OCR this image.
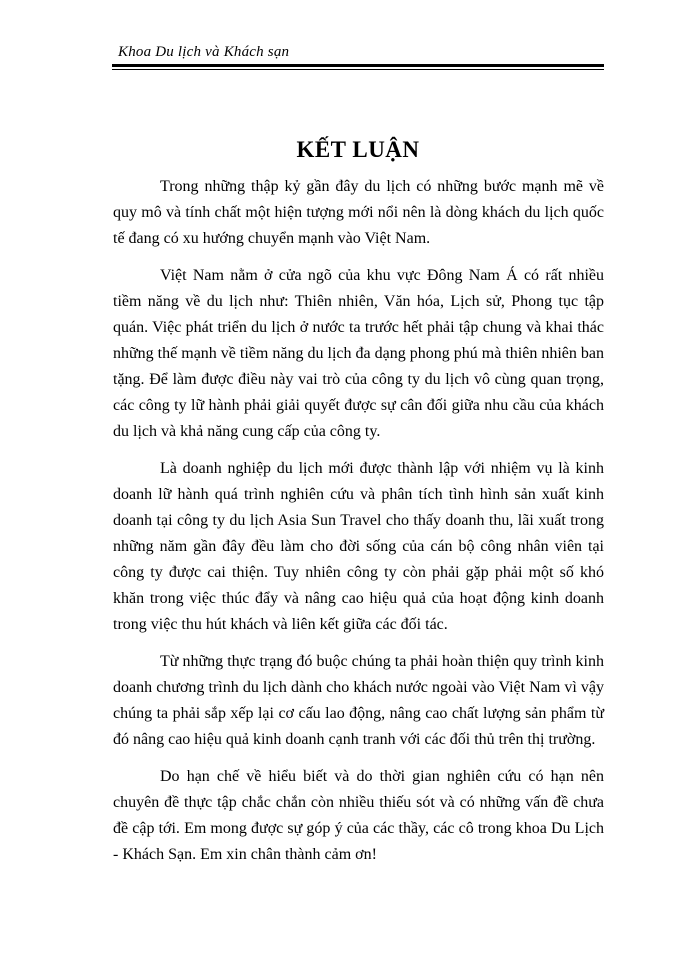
Khoa Du lịch và Khách sạn
KẾT LUẬN

Trong những thập kỷ gần đây du lịch có những bước mạnh mẽ về quy mô và tính chất một hiện tượng mới nổi nên là dòng khách du lịch quốc tế đang có xu hướng chuyển mạnh vào Việt Nam.

Việt Nam nằm ở cửa ngõ của khu vực Đông Nam Á có rất nhiều tiềm năng về du lịch như: Thiên nhiên, Văn hóa, Lịch sử, Phong tục tập quán. Việc phát triển du lịch ở nước ta trước hết phải tập chung và khai thác những thế mạnh về tiềm năng du lịch đa dạng phong phú mà thiên nhiên ban tặng. Để làm được điều này vai trò của công ty du lịch vô cùng quan trọng, các công ty lữ hành phải giải quyết được sự cân đối giữa nhu cầu của khách du lịch và khả năng cung cấp của công ty.

Là doanh nghiệp du lịch mới được thành lập với nhiệm vụ là kinh doanh lữ hành quá trình nghiên cứu và phân tích tình hình sản xuất kinh doanh tại công ty du lịch Asia Sun Travel cho thấy doanh thu, lãi xuất trong những năm gần đây đều làm cho đời sống của cán bộ công nhân viên tại công ty được cai thiện. Tuy nhiên công ty còn phải gặp phải một số khó khăn trong việc thúc đẩy và nâng cao hiệu quả của hoạt động kinh doanh trong việc thu hút khách và liên kết giữa các đối tác.

Từ những thực trạng đó buộc chúng ta phải hoàn thiện quy trình kinh doanh chương trình du lịch dành cho khách nước ngoài vào Việt Nam vì vậy chúng ta phải sắp xếp lại cơ cấu lao động, nâng cao chất lượng sản phẩm từ đó nâng cao hiệu quả kinh doanh cạnh tranh với các đối thủ trên thị trường.

Do hạn chế về hiểu biết và do thời gian nghiên cứu có hạn nên chuyên đề thực tập chắc chắn còn nhiều thiếu sót và có những vấn đề chưa đề cập tới. Em mong được sự góp ý của các thầy, các cô trong khoa Du Lịch - Khách Sạn. Em xin chân thành cảm ơn!
